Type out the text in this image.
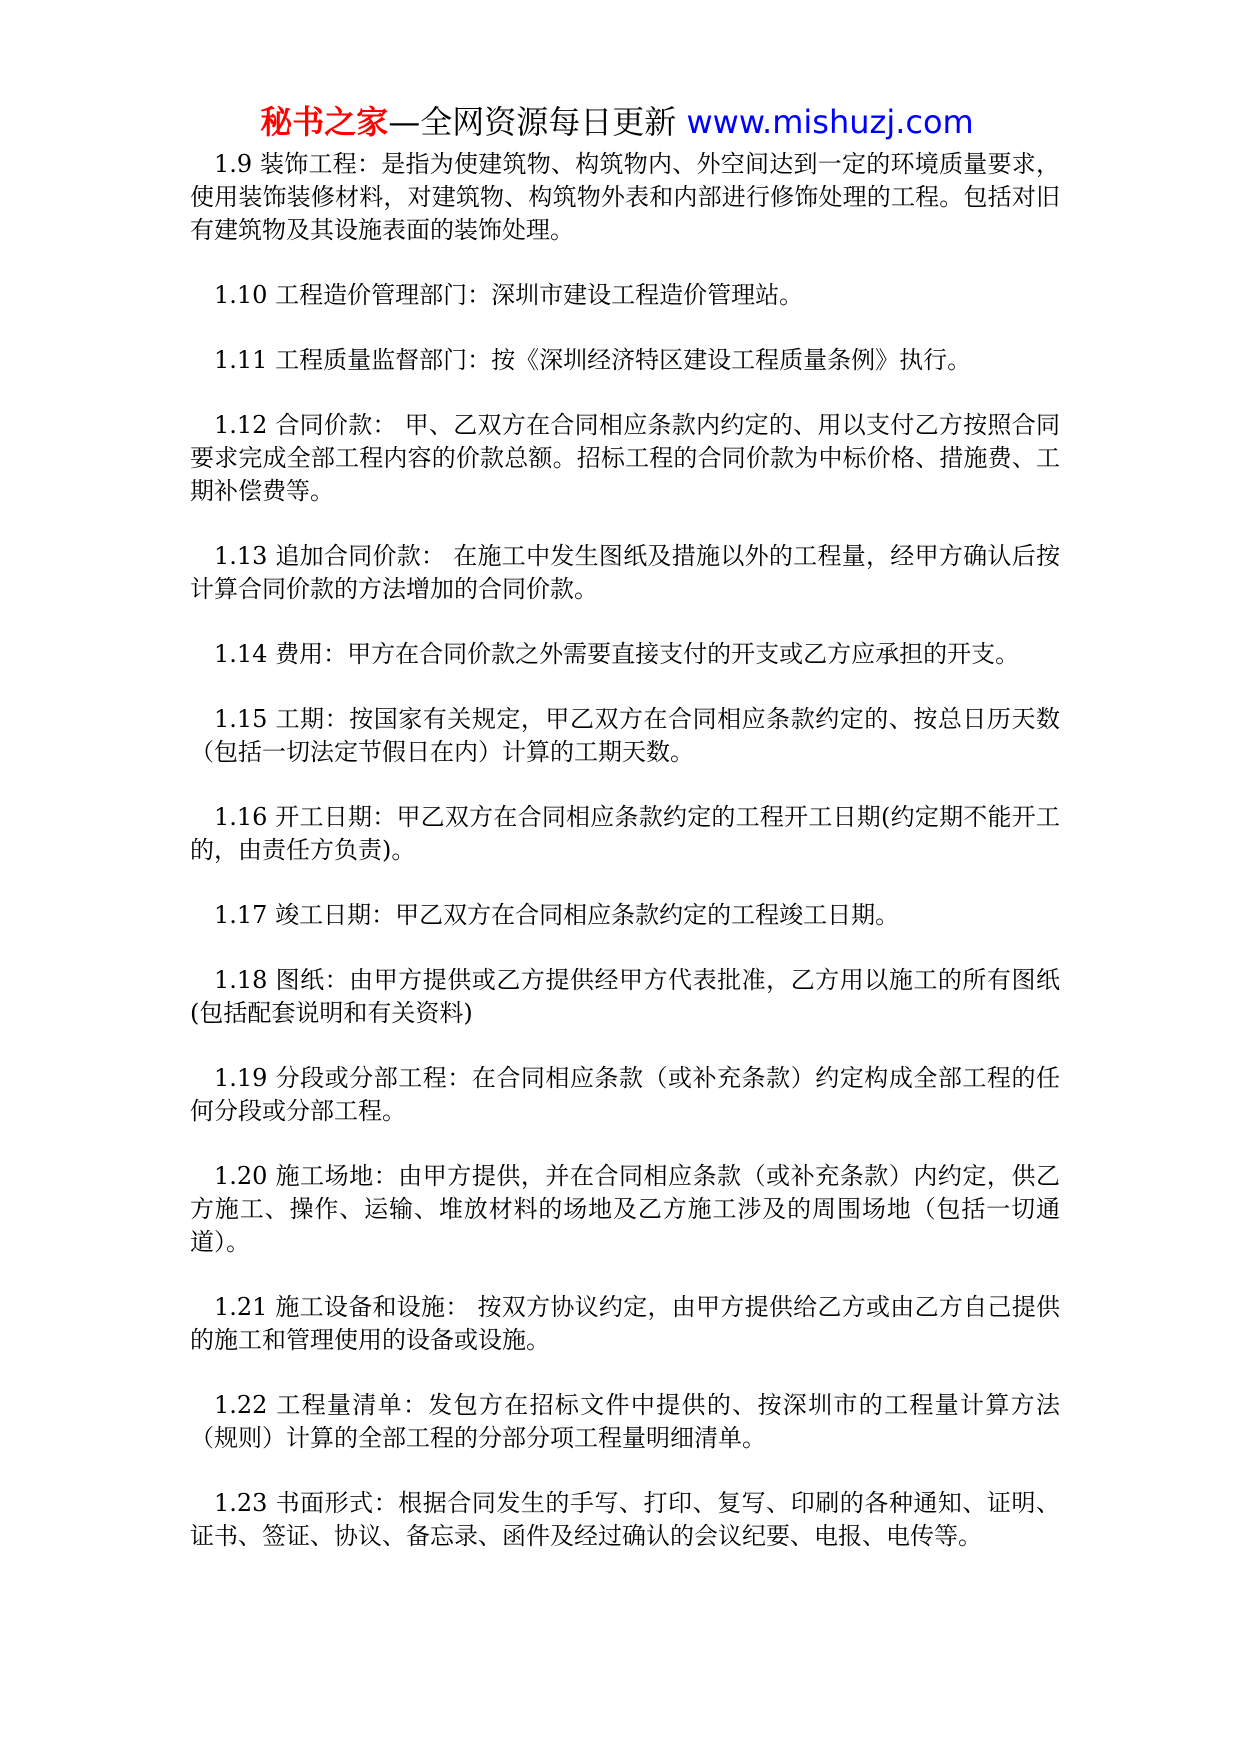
秘书之家—全网资源每日更新 www.mishuzj.com

1.9 装饰工程：是指为使建筑物、构筑物内、外空间达到一定的环境质量要求，使用装饰装修材料，对建筑物、构筑物外表和内部进行修饰处理的工程。包括对旧有建筑物及其设施表面的装饰处理。

1.10 工程造价管理部门：深圳市建设工程造价管理站。

1.11 工程质量监督部门：按《深圳经济特区建设工程质量条例》执行。

1.12 合同价款： 甲、乙双方在合同相应条款内约定的、用以支付乙方按照合同要求完成全部工程内容的价款总额。招标工程的合同价款为中标价格、措施费、工期补偿费等。

1.13 追加合同价款： 在施工中发生图纸及措施以外的工程量，经甲方确认后按计算合同价款的方法增加的合同价款。

1.14 费用：甲方在合同价款之外需要直接支付的开支或乙方应承担的开支。

1.15 工期：按国家有关规定，甲乙双方在合同相应条款约定的、按总日历天数（包括一切法定节假日在内）计算的工期天数。

1.16 开工日期：甲乙双方在合同相应条款约定的工程开工日期(约定期不能开工的，由责任方负责)。

1.17 竣工日期：甲乙双方在合同相应条款约定的工程竣工日期。

1.18 图纸：由甲方提供或乙方提供经甲方代表批准，乙方用以施工的所有图纸(包括配套说明和有关资料)

1.19 分段或分部工程：在合同相应条款（或补充条款）约定构成全部工程的任何分段或分部工程。

1.20 施工场地：由甲方提供，并在合同相应条款（或补充条款）内约定，供乙方施工、操作、运输、堆放材料的场地及乙方施工涉及的周围场地（包括一切通道）。

1.21 施工设备和设施： 按双方协议约定，由甲方提供给乙方或由乙方自己提供的施工和管理使用的设备或设施。

1.22 工程量清单：发包方在招标文件中提供的、按深圳市的工程量计算方法（规则）计算的全部工程的分部分项工程量明细清单。

1.23 书面形式：根据合同发生的手写、打印、复写、印刷的各种通知、证明、证书、签证、协议、备忘录、函件及经过确认的会议纪要、电报、电传等。
